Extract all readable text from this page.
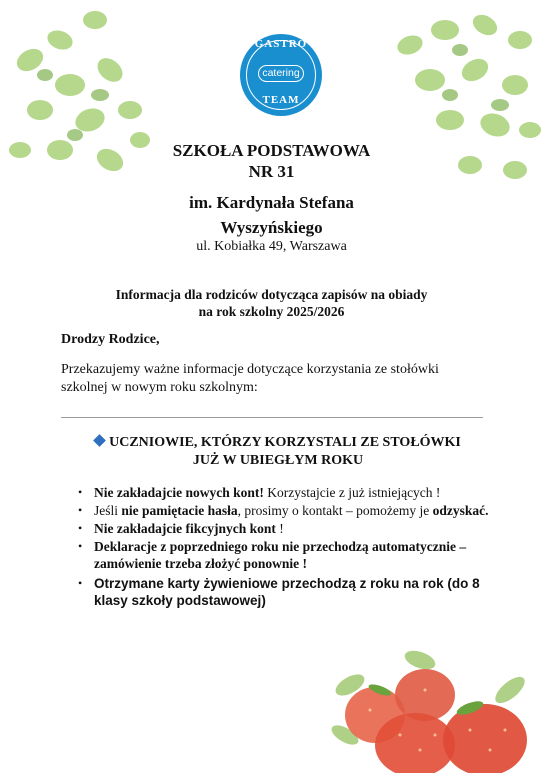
GASTRO
catering
TEAM
SZKOŁA PODSTAWOWA
NR 31
im. Kardynała Stefana
Wyszyńskiego
ul. Kobiałka 49, Warszawa
Informacja dla rodziców dotycząca zapisów na obiady
na rok szkolny 2025/2026
Drodzy Rodzice,
Przekazujemy ważne informacje dotyczące korzystania ze stołówki szkolnej w nowym roku szkolnym:
UCZNIOWIE, KTÓRZY KORZYSTALI ZE STOŁÓWKI
JUŻ W UBIEGŁYM ROKU
• Nie zakładajcie nowych kont! Korzystajcie z już istniejących !
• Jeśli nie pamiętacie hasła, prosimy o kontakt – pomożemy je odzyskać.
• Nie zakładajcie fikcyjnych kont !
• Deklaracje z poprzedniego roku nie przechodzą automatycznie – zamówienie trzeba złożyć ponownie !
• Otrzymane karty żywieniowe przechodzą z roku na rok (do 8 klasy szkoły podstawowej)
